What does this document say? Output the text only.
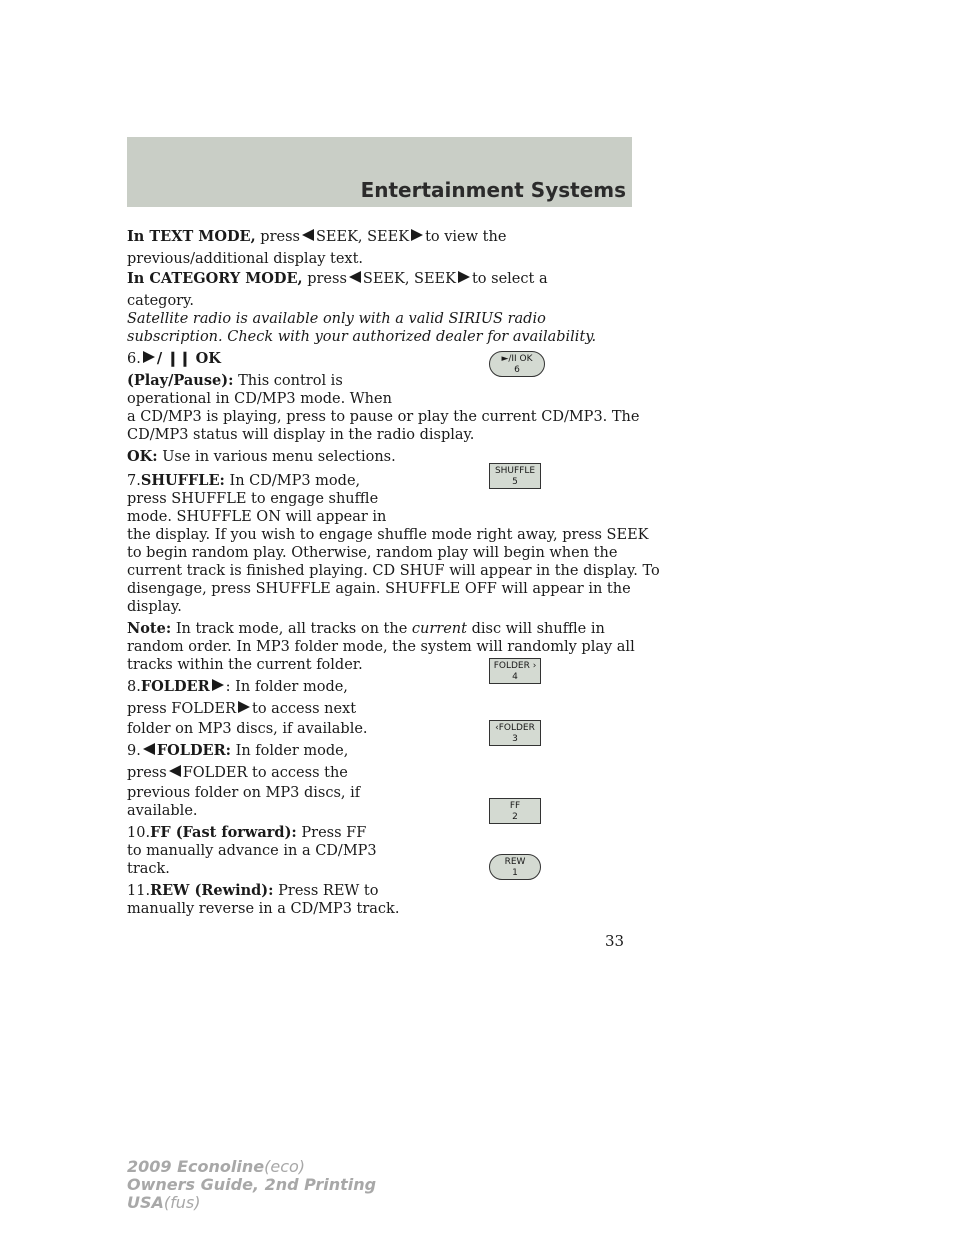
Entertainment Systems
In TEXT MODE, press SEEK, SEEK to view the
previous/additional display text.
In CATEGORY MODE, press SEEK, SEEK to select a
category.
Satellite radio is available only with a valid SIRIUS radio
subscription. Check with your authorized dealer for availability.
6. / ❙❙ OK
(Play/Pause): This control is
operational in CD/MP3 mode. When
a CD/MP3 is playing, press to pause or play the current CD/MP3. The
CD/MP3 status will display in the radio display.
OK: Use in various menu selections.
7.SHUFFLE: In CD/MP3 mode,
press SHUFFLE to engage shuffle
mode. SHUFFLE ON will appear in
the display. If you wish to engage shuffle mode right away, press SEEK
to begin random play. Otherwise, random play will begin when the
current track is finished playing. CD SHUF will appear in the display. To
disengage, press SHUFFLE again. SHUFFLE OFF will appear in the
display.
Note: In track mode, all tracks on the current disc will shuffle in
random order. In MP3 folder mode, the system will randomly play all
tracks within the current folder.
8.FOLDER : In folder mode,
press FOLDER to access next
folder on MP3 discs, if available.
9. FOLDER: In folder mode,
press FOLDER to access the
previous folder on MP3 discs, if
available.
10.FF (Fast forward): Press FF
to manually advance in a CD/MP3
track.
11.REW (Rewind): Press REW to
manually reverse in a CD/MP3 track.
►/II OK
6
SHUFFLE
5
FOLDER ›
4
‹FOLDER
3
FF
2
REW
1
33
2009 Econoline(eco)
Owners Guide, 2nd Printing
USA(fus)
